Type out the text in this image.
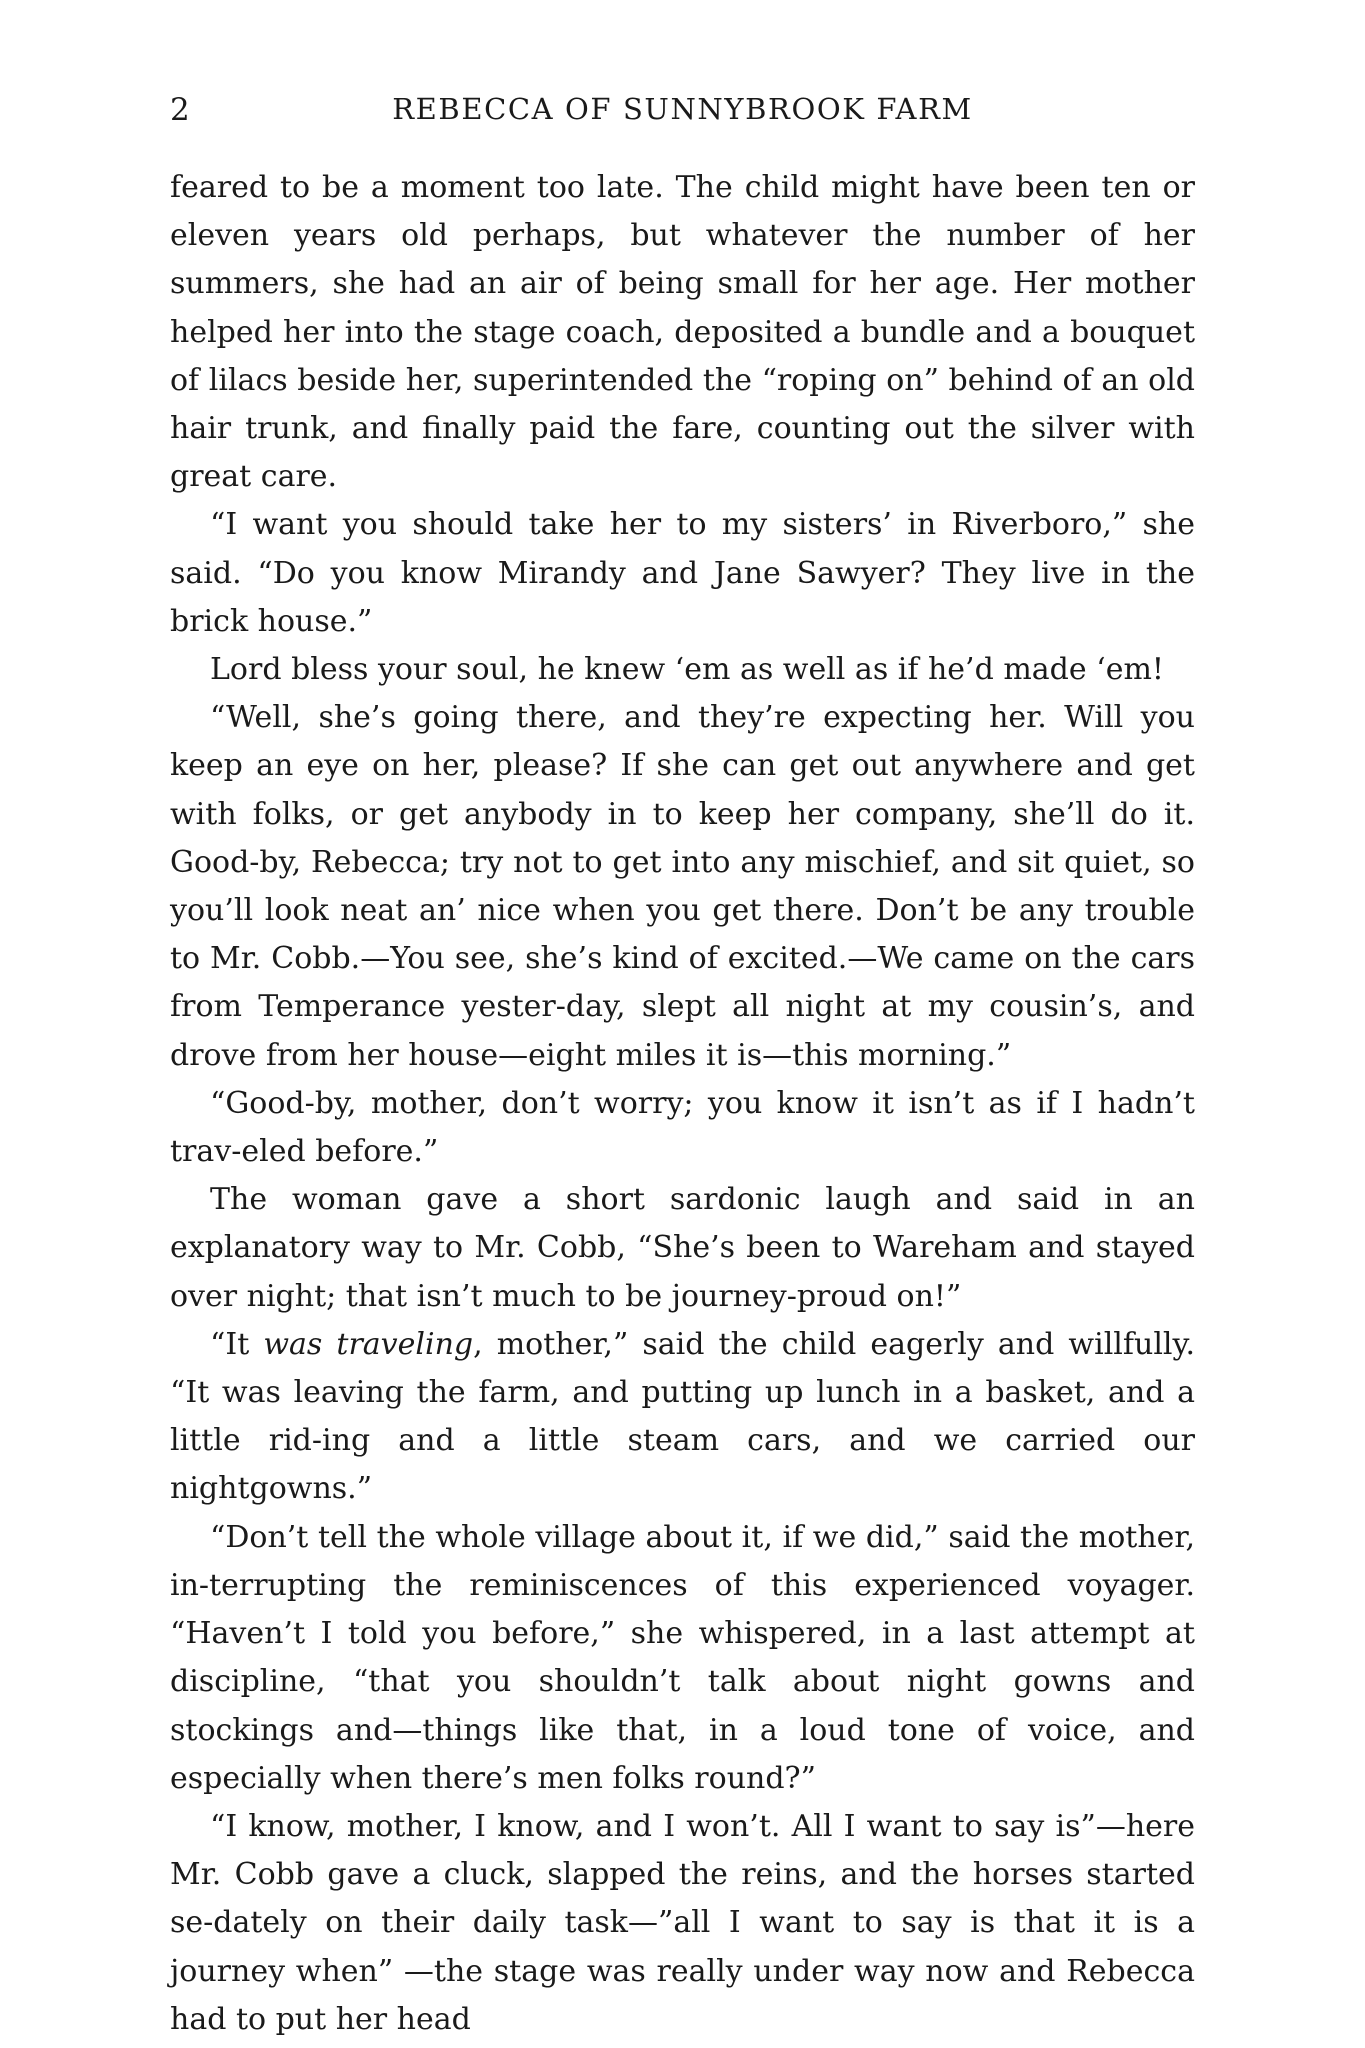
2	REBECCA OF SUNNYBROOK FARM

feared to be a moment too late. The child might have been ten or eleven years old perhaps, but whatever the number of her summers, she had an air of being small for her age. Her mother helped her into the stage coach, deposited a bundle and a bouquet of lilacs beside her, superintended the “roping on” behind of an old hair trunk, and finally paid the fare, counting out the silver with great care.

“I want you should take her to my sisters’ in Riverboro,” she said. “Do you know Mirandy and Jane Sawyer? They live in the brick house.”

Lord bless your soul, he knew ‘em as well as if he’d made ‘em!

“Well, she’s going there, and they’re expecting her. Will you keep an eye on her, please? If she can get out anywhere and get with folks, or get anybody in to keep her company, she’ll do it. Good-by, Rebecca; try not to get into any mischief, and sit quiet, so you’ll look neat an’ nice when you get there. Don’t be any trouble to Mr. Cobb.—You see, she’s kind of excited.—We came on the cars from Temperance yester-day, slept all night at my cousin’s, and drove from her house—eight miles it is—this morning.”

“Good-by, mother, don’t worry; you know it isn’t as if I hadn’t trav-eled before.”

The woman gave a short sardonic laugh and said in an explanatory way to Mr. Cobb, “She’s been to Wareham and stayed over night; that isn’t much to be journey-proud on!”

“It was traveling, mother,” said the child eagerly and willfully. “It was leaving the farm, and putting up lunch in a basket, and a little rid-ing and a little steam cars, and we carried our nightgowns.”

“Don’t tell the whole village about it, if we did,” said the mother, in-terrupting the reminiscences of this experienced voyager. “Haven’t I told you before,” she whispered, in a last attempt at discipline, “that you shouldn’t talk about night gowns and stockings and—things like that, in a loud tone of voice, and especially when there’s men folks round?”

“I know, mother, I know, and I won’t. All I want to say is”—here Mr. Cobb gave a cluck, slapped the reins, and the horses started se-dately on their daily task—”all I want to say is that it is a journey when” —the stage was really under way now and Rebecca had to put her head
